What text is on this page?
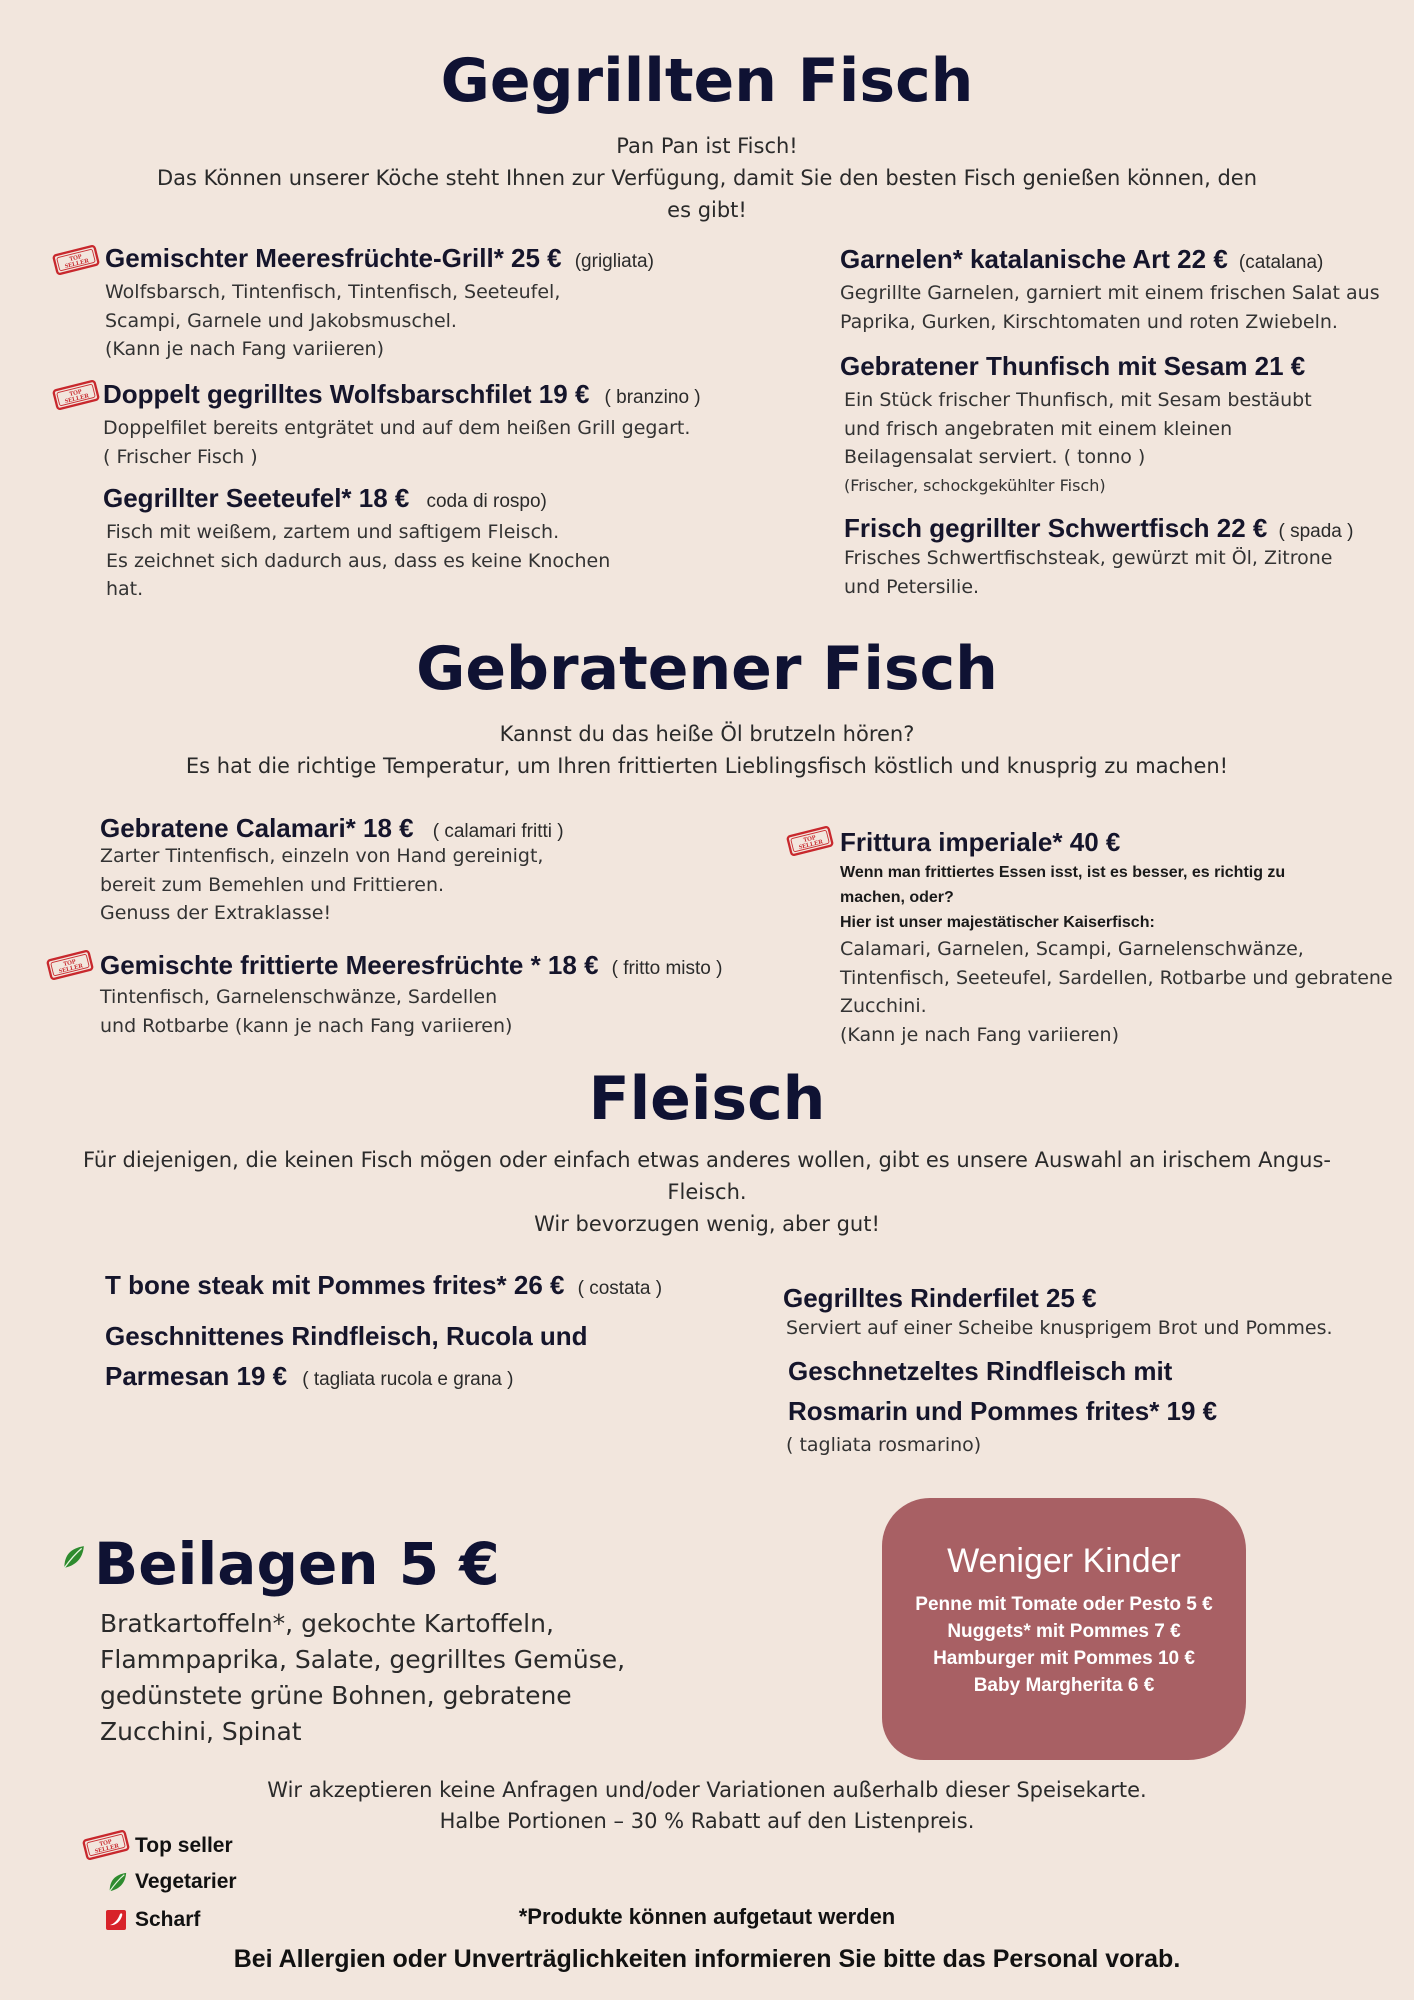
Gegrillten Fisch
Pan Pan ist Fisch!
Das Können unserer Köche steht Ihnen zur Verfügung, damit Sie den besten Fisch genießen können, den
es gibt!
Gemischter Meeresfrüchte-Grill* 25 € (grigliata)
Wolfsbarsch, Tintenfisch, Tintenfisch, Seeteufel,
Scampi, Garnele und Jakobsmuschel.
(Kann je nach Fang variieren)
Doppelt gegrilltes Wolfsbarschfilet 19 € ( branzino )
Doppelfilet bereits entgrätet und auf dem heißen Grill gegart.
( Frischer Fisch )
Gegrillter Seeteufel* 18 € coda di rospo)
Fisch mit weißem, zartem und saftigem Fleisch.
Es zeichnet sich dadurch aus, dass es keine Knochen
hat.
Garnelen* katalanische Art 22 € (catalana)
Gegrillte Garnelen, garniert mit einem frischen Salat aus
Paprika, Gurken, Kirschtomaten und roten Zwiebeln.
Gebratener Thunfisch mit Sesam 21 €
Ein Stück frischer Thunfisch, mit Sesam bestäubt
und frisch angebraten mit einem kleinen
Beilagensalat serviert. ( tonno )
(Frischer, schockgekühlter Fisch)
Frisch gegrillter Schwertfisch 22 € ( spada )
Frisches Schwertfischsteak, gewürzt mit Öl, Zitrone
und Petersilie.
Gebratener Fisch
Kannst du das heiße Öl brutzeln hören?
Es hat die richtige Temperatur, um Ihren frittierten Lieblingsfisch köstlich und knusprig zu machen!
Gebratene Calamari* 18 € ( calamari fritti )
Zarter Tintenfisch, einzeln von Hand gereinigt,
bereit zum Bemehlen und Frittieren.
Genuss der Extraklasse!
Gemischte frittierte Meeresfrüchte * 18 € ( fritto misto )
Tintenfisch, Garnelenschwänze, Sardellen
und Rotbarbe (kann je nach Fang variieren)
Frittura imperiale* 40 €
Wenn man frittiertes Essen isst, ist es besser, es richtig zu
machen, oder?
Hier ist unser majestätischer Kaiserfisch:
Calamari, Garnelen, Scampi, Garnelenschwänze,
Tintenfisch, Seeteufel, Sardellen, Rotbarbe und gebratene
Zucchini.
(Kann je nach Fang variieren)
Fleisch
Für diejenigen, die keinen Fisch mögen oder einfach etwas anderes wollen, gibt es unsere Auswahl an irischem Angus-
Fleisch.
Wir bevorzugen wenig, aber gut!
T bone steak mit Pommes frites* 26 € ( costata )
Geschnittenes Rindfleisch, Rucola und
Parmesan 19 € ( tagliata rucola e grana )
Gegrilltes Rinderfilet 25 €
Serviert auf einer Scheibe knusprigem Brot und Pommes.
Geschnetzeltes Rindfleisch mit
Rosmarin und Pommes frites* 19 €
( tagliata rosmarino)
Beilagen 5 €
Bratkartoffeln*, gekochte Kartoffeln,
Flammpaprika, Salate, gegrilltes Gemüse,
gedünstete grüne Bohnen, gebratene
Zucchini, Spinat
Weniger Kinder
Penne mit Tomate oder Pesto 5 €
Nuggets* mit Pommes 7 €
Hamburger mit Pommes 10 €
Baby Margherita 6 €
Wir akzeptieren keine Anfragen und/oder Variationen außerhalb dieser Speisekarte.
Halbe Portionen – 30 % Rabatt auf den Listenpreis.
Top seller
Vegetarier
Scharf	*Produkte können aufgetaut werden
Bei Allergien oder Unverträglichkeiten informieren Sie bitte das Personal vorab.
